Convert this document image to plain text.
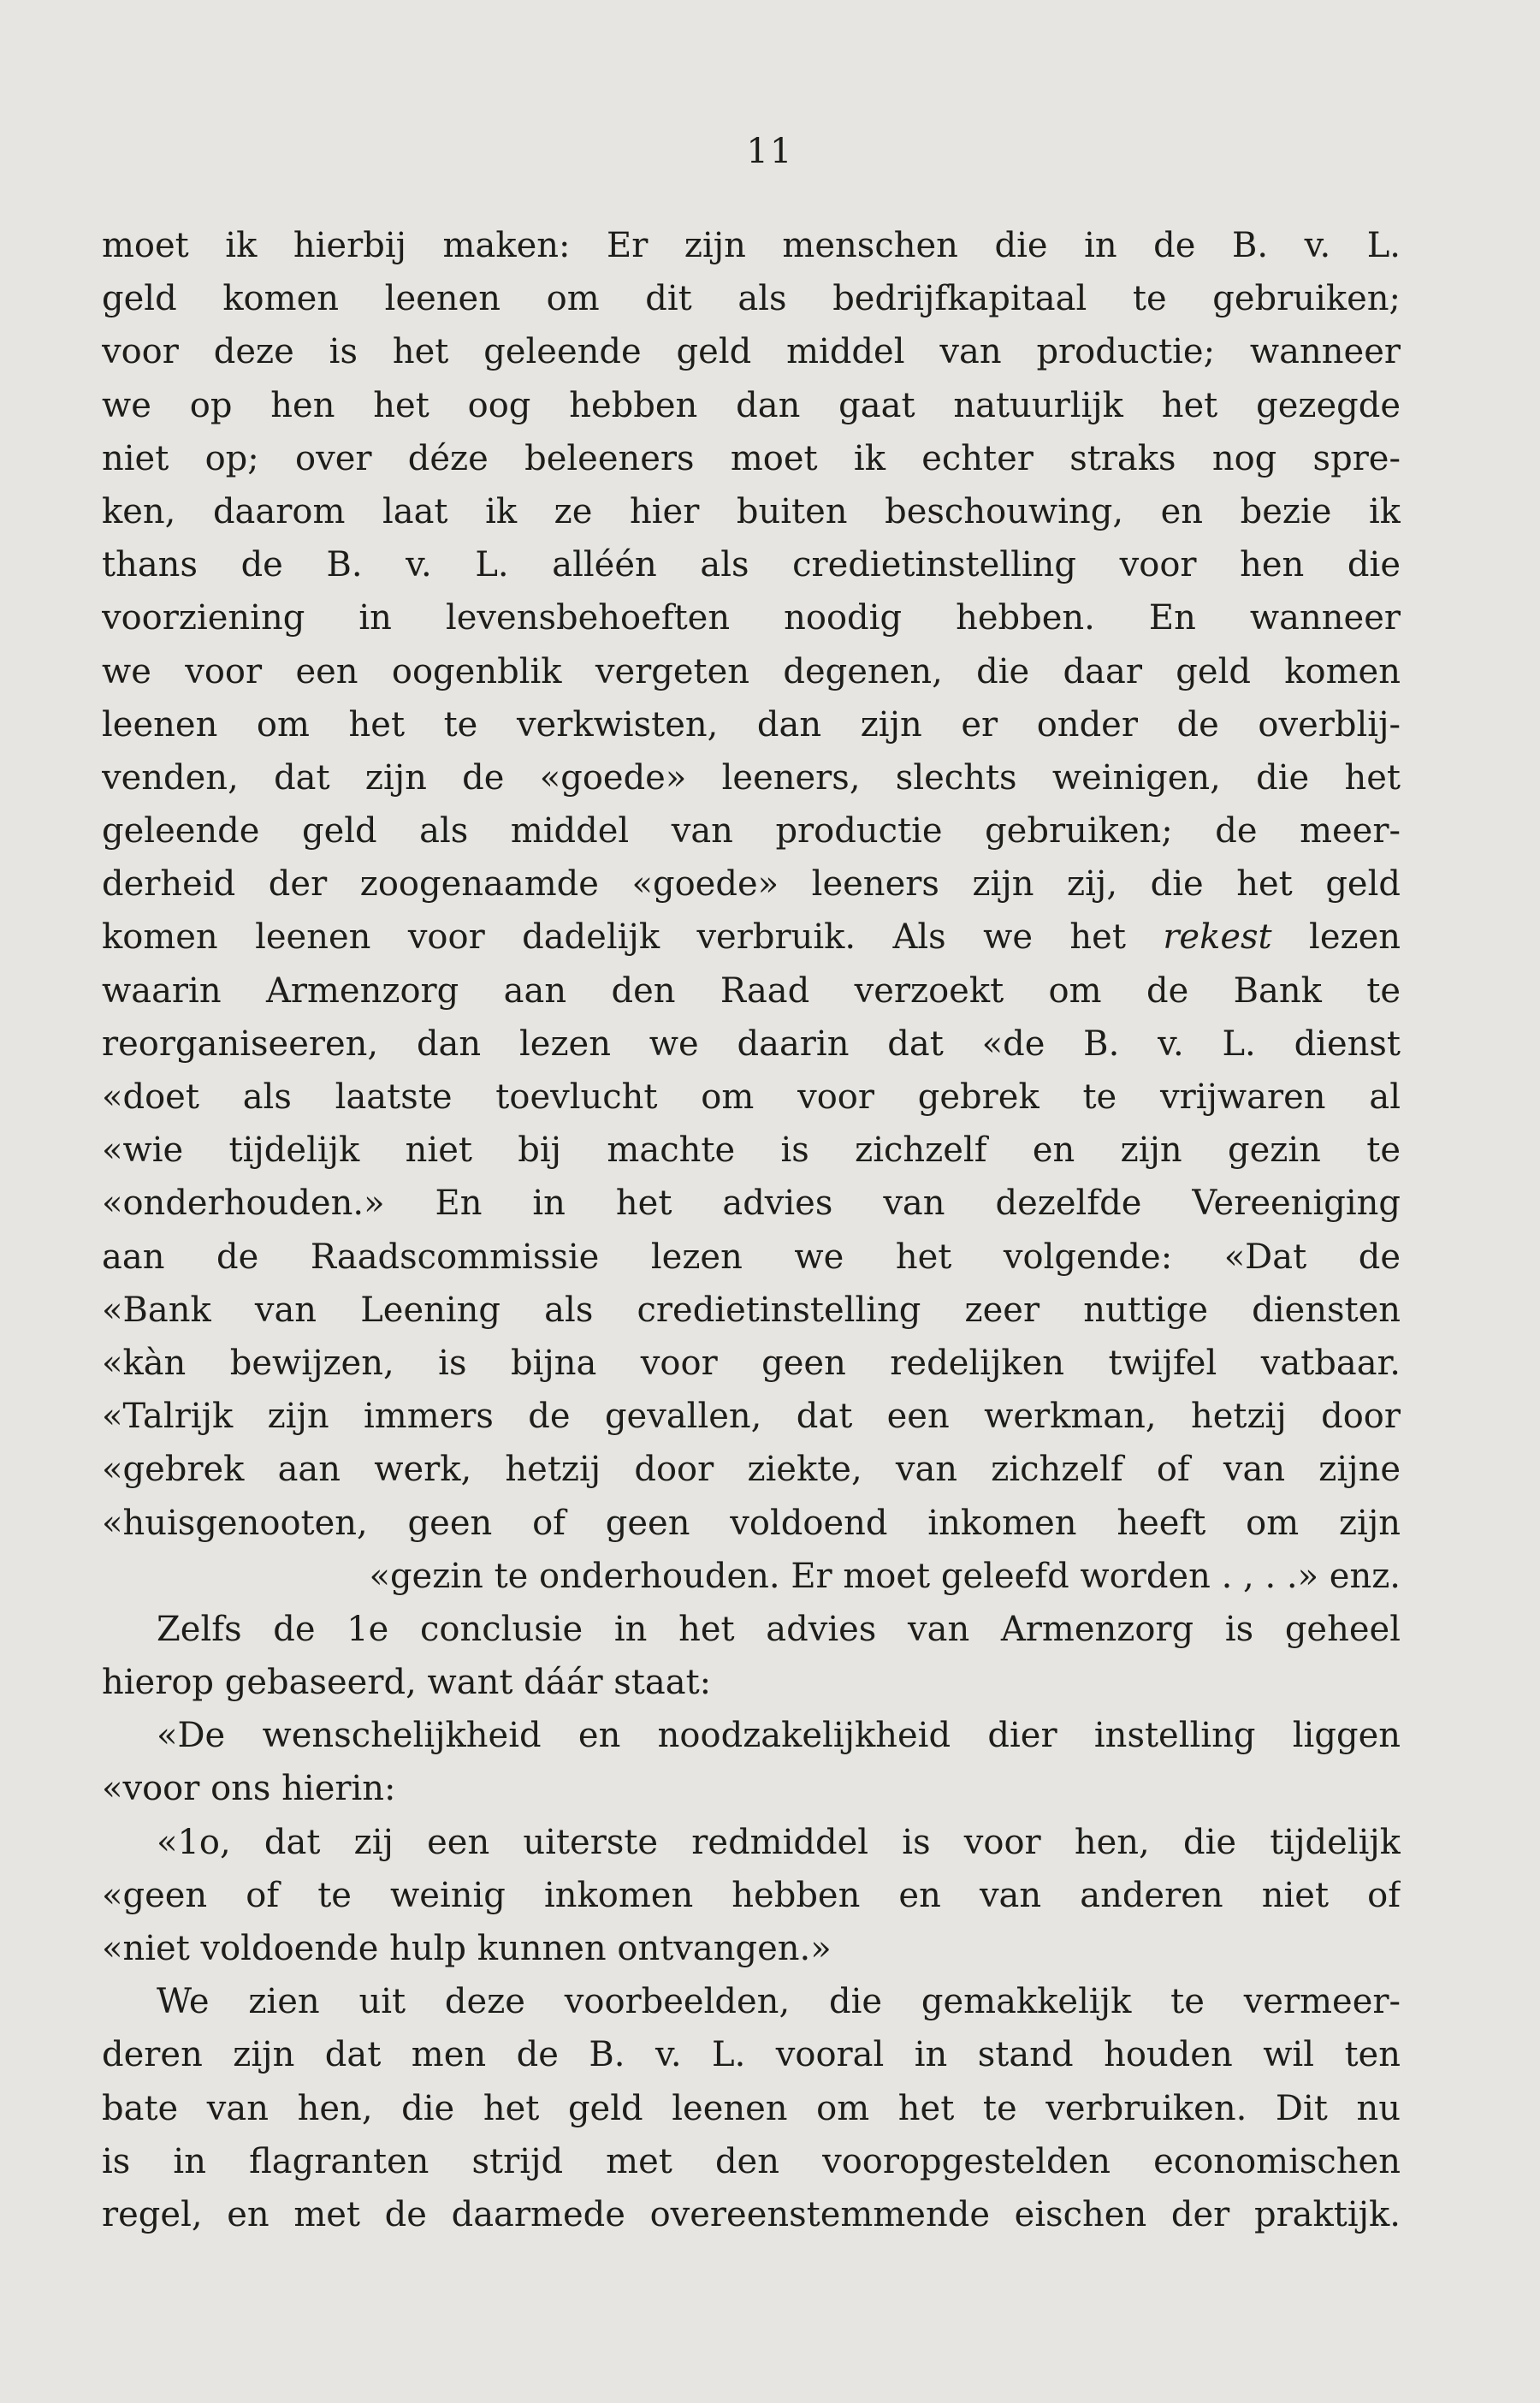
11
moet ik hierbij maken: Er zijn menschen die in de B. v. L.
geld komen leenen om dit als bedrijfkapitaal te gebruiken;
voor deze is het geleende geld middel van productie; wanneer
we op hen het oog hebben dan gaat natuurlijk het gezegde
niet op; over déze beleeners moet ik echter straks nog spre-
ken, daarom laat ik ze hier buiten beschouwing, en bezie ik
thans de B. v. L. alléén als credietinstelling voor hen die
voorziening in levensbehoeften noodig hebben. En wanneer
we voor een oogenblik vergeten degenen, die daar geld komen
leenen om het te verkwisten, dan zijn er onder de overblij-
venden, dat zijn de «goede» leeners, slechts weinigen, die het
geleende geld als middel van productie gebruiken; de meer-
derheid der zoogenaamde «goede» leeners zijn zij, die het geld
komen leenen voor dadelijk verbruik. Als we het rekest lezen
waarin Armenzorg aan den Raad verzoekt om de Bank te
reorganiseeren, dan lezen we daarin dat «de B. v. L. dienst
«doet als laatste toevlucht om voor gebrek te vrijwaren al
«wie tijdelijk niet bij machte is zichzelf en zijn gezin te
«onderhouden.» En in het advies van dezelfde Vereeniging
aan de Raadscommissie lezen we het volgende: «Dat de
«Bank van Leening als credietinstelling zeer nuttige diensten
«kàn bewijzen, is bijna voor geen redelijken twijfel vatbaar.
«Talrijk zijn immers de gevallen, dat een werkman, hetzij door
«gebrek aan werk, hetzij door ziekte, van zichzelf of van zijne
«huisgenooten, geen of geen voldoend inkomen heeft om zijn
«gezin te onderhouden. Er moet geleefd worden . , . .» enz.
Zelfs de 1e conclusie in het advies van Armenzorg is geheel
hierop gebaseerd, want dáár staat:
«De wenschelijkheid en noodzakelijkheid dier instelling liggen
«voor ons hierin:
«1o, dat zij een uiterste redmiddel is voor hen, die tijdelijk
«geen of te weinig inkomen hebben en van anderen niet of
«niet voldoende hulp kunnen ontvangen.»
We zien uit deze voorbeelden, die gemakkelijk te vermeer-
deren zijn dat men de B. v. L. vooral in stand houden wil ten
bate van hen, die het geld leenen om het te verbruiken. Dit nu
is in flagranten strijd met den vooropgestelden economischen
regel, en met de daarmede overeenstemmende eischen der praktijk.
